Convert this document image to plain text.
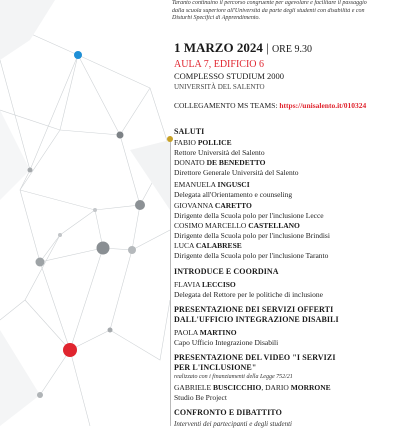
Taranto continuino il percorso congruente per agevolare e facilitare il passaggio
dalla scuola superiore all'Università da parte degli studenti con disabilità e con
Disturbi Specifici di Apprendimento.
1 MARZO 2024 | ORE 9.30
AULA 7, EDIFICIO 6
COMPLESSO STUDIUM 2000
UNIVERSITÀ DEL SALENTO
COLLEGAMENTO MS TEAMS: https://unisalento.it/010324
SALUTI
FABIO POLLICE
Rettore Università del Salento
DONATO DE BENEDETTO
Direttore Generale Università del Salento
EMANUELA INGUSCI
Delegata all'Orientamento e counseling
GIOVANNA CARETTO
Dirigente della Scuola polo per l'inclusione Lecce
COSIMO MARCELLO CASTELLANO
Dirigente della Scuola polo per l'inclusione Brindisi
LUCA CALABRESE
Dirigente della Scuola polo per l'inclusione Taranto
INTRODUCE E COORDINA
FLAVIA LECCISO
Delegata del Rettore per le politiche di inclusione
PRESENTAZIONE DEI SERVIZI OFFERTI
DALL'UFFICIO INTEGRAZIONE DISABILI
PAOLA MARTINO
Capo Ufficio Integrazione Disabili
PRESENTAZIONE DEL VIDEO "I SERVIZI
PER L'INCLUSIONE"
realizzato con i finanziamenti della Legge 752/21
GABRIELE BUSCICCHIO, DARIO MORRONE
Studio Be Project
CONFRONTO E DIBATTITO
Interventi dei partecipanti e degli studenti
